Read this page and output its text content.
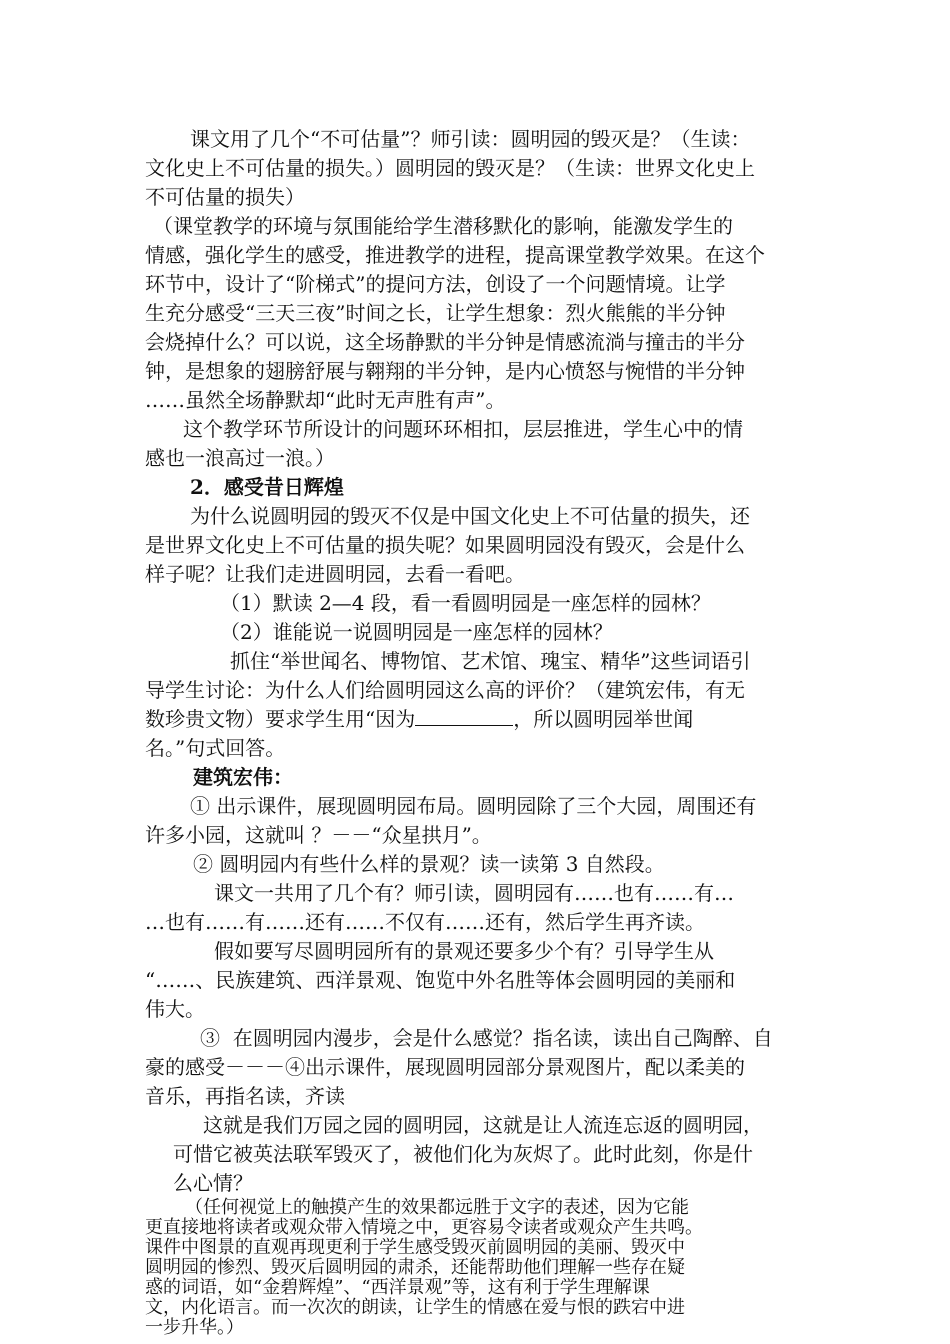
课文用了几个“不可估量”？师引读：圆明园的毁灭是？（生读：
文化史上不可估量的损失。）圆明园的毁灭是？（生读：世界文化史上
不可估量的损失）
（课堂教学的环境与氛围能给学生潜移默化的影响，能激发学生的
情感，强化学生的感受，推进教学的进程，提高课堂教学效果。在这个
环节中，设计了“阶梯式”的提问方法，创设了一个问题情境。让学
生充分感受“三天三夜”时间之长，让学生想象：烈火熊熊的半分钟
会烧掉什么？可以说，这全场静默的半分钟是情感流淌与撞击的半分
钟，是想象的翅膀舒展与翱翔的半分钟，是内心愤怒与惋惜的半分钟
……虽然全场静默却“此时无声胜有声”。
这个教学环节所设计的问题环环相扣，层层推进，学生心中的情
感也一浪高过一浪。）
2．感受昔日辉煌
为什么说圆明园的毁灭不仅是中国文化史上不可估量的损失，还
是世界文化史上不可估量的损失呢？如果圆明园没有毁灭，会是什么
样子呢？让我们走进圆明园，去看一看吧。
（1）默读 2—4 段，看一看圆明园是一座怎样的园林？
（2）谁能说一说圆明园是一座怎样的园林？
抓住“举世闻名、博物馆、艺术馆、瑰宝、精华”这些词语引
导学生讨论：为什么人们给圆明园这么高的评价？（建筑宏伟，有无
数珍贵文物）要求学生用“因为	，所以圆明园举世闻
名。”句式回答。
建筑宏伟：
① 出示课件，展现圆明园布局。圆明园除了三个大园，周围还有
许多小园，这就叫 ？－－“众星拱月”。
② 圆明园内有些什么样的景观？读一读第 3 自然段。
课文一共用了几个有？师引读，圆明园有……也有……有…
…也有……有……还有……不仅有……还有，然后学生再齐读。
假如要写尽圆明园所有的景观还要多少个有？引导学生从
“……、民族建筑、西洋景观、饱览中外名胜等体会圆明园的美丽和
伟大。
③  在圆明园内漫步，会是什么感觉？指名读，读出自己陶醉、自
豪的感受－－－④出示课件，展现圆明园部分景观图片，配以柔美的
音乐，再指名读，齐读
这就是我们万园之园的圆明园，这就是让人流连忘返的圆明园，
可惜它被英法联军毁灭了，被他们化为灰烬了。此时此刻，你是什
么心情？
（任何视觉上的触摸产生的效果都远胜于文字的表述，因为它能
更直接地将读者或观众带入情境之中，更容易令读者或观众产生共鸣。
课件中图景的直观再现更利于学生感受毁灭前圆明园的美丽、毁灭中
圆明园的惨烈、毁灭后圆明园的肃杀，还能帮助他们理解一些存在疑
惑的词语，如“金碧辉煌”、“西洋景观”等，这有利于学生理解课
文，内化语言。而一次次的朗读，让学生的情感在爱与恨的跌宕中进
一步升华。）
